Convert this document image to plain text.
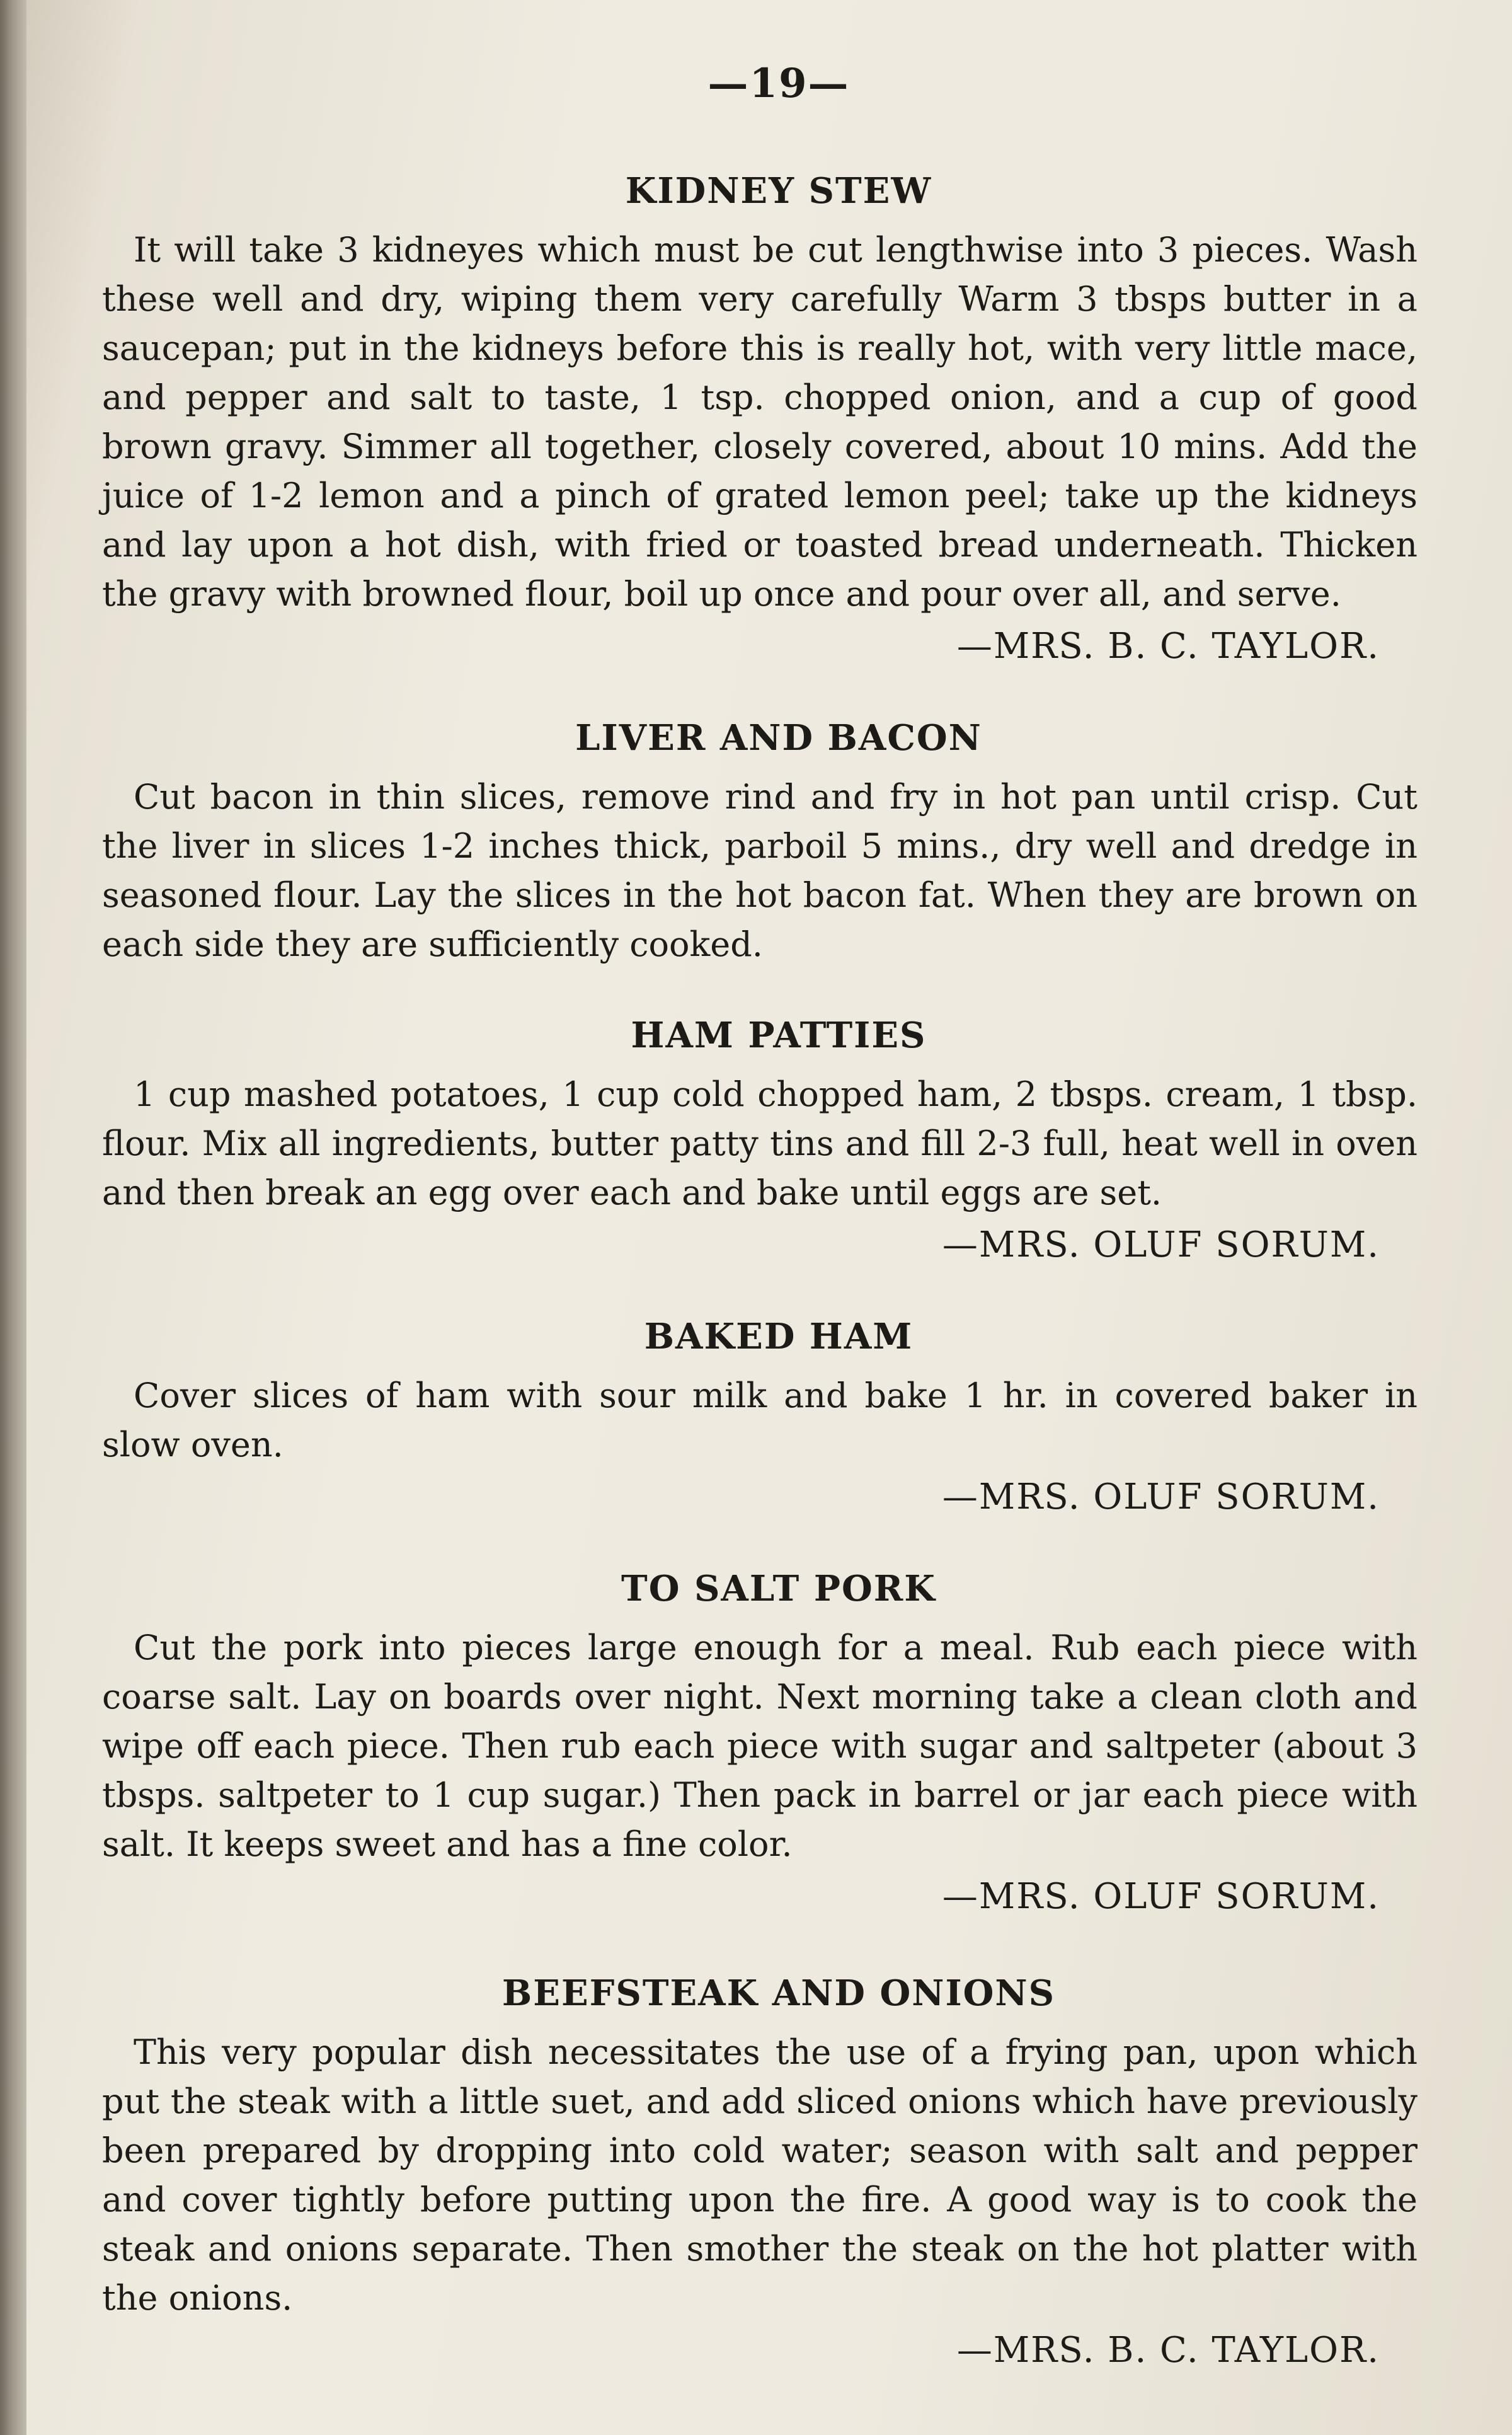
—19—
KIDNEY STEW

It will take 3 kidneyes which must be cut lengthwise into 3 pieces. Wash these well and dry, wiping them very carefully Warm 3 tbsps butter in a saucepan; put in the kidneys before this is really hot, with very little mace, and pepper and salt to taste, 1 tsp. chopped onion, and a cup of good brown gravy. Simmer all together, closely covered, about 10 mins. Add the juice of 1-2 lemon and a pinch of grated lemon peel; take up the kidneys and lay upon a hot dish, with fried or toasted bread underneath. Thicken the gravy with browned flour, boil up once and pour over all, and serve.

—MRS. B. C. TAYLOR.
LIVER AND BACON

Cut bacon in thin slices, remove rind and fry in hot pan until crisp. Cut the liver in slices 1-2 inches thick, parboil 5 mins., dry well and dredge in seasoned flour. Lay the slices in the hot bacon fat. When they are brown on each side they are sufficiently cooked.

HAM PATTIES

1 cup mashed potatoes, 1 cup cold chopped ham, 2 tbsps. cream, 1 tbsp. flour. Mix all ingredients, butter patty tins and fill 2-3 full, heat well in oven and then break an egg over each and bake until eggs are set.

—MRS. OLUF SORUM.
BAKED HAM

Cover slices of ham with sour milk and bake 1 hr. in covered baker in slow oven.

—MRS. OLUF SORUM.
TO SALT PORK

Cut the pork into pieces large enough for a meal. Rub each piece with coarse salt. Lay on boards over night. Next morning take a clean cloth and wipe off each piece. Then rub each piece with sugar and saltpeter (about 3 tbsps. saltpeter to 1 cup sugar.) Then pack in barrel or jar each piece with salt. It keeps sweet and has a fine color.

—MRS. OLUF SORUM.
BEEFSTEAK AND ONIONS

This very popular dish necessitates the use of a frying pan, upon which put the steak with a little suet, and add sliced onions which have previously been prepared by dropping into cold water; season with salt and pepper and cover tightly before putting upon the fire. A good way is to cook the steak and onions separate. Then smother the steak on the hot platter with the onions.

—MRS. B. C. TAYLOR.
